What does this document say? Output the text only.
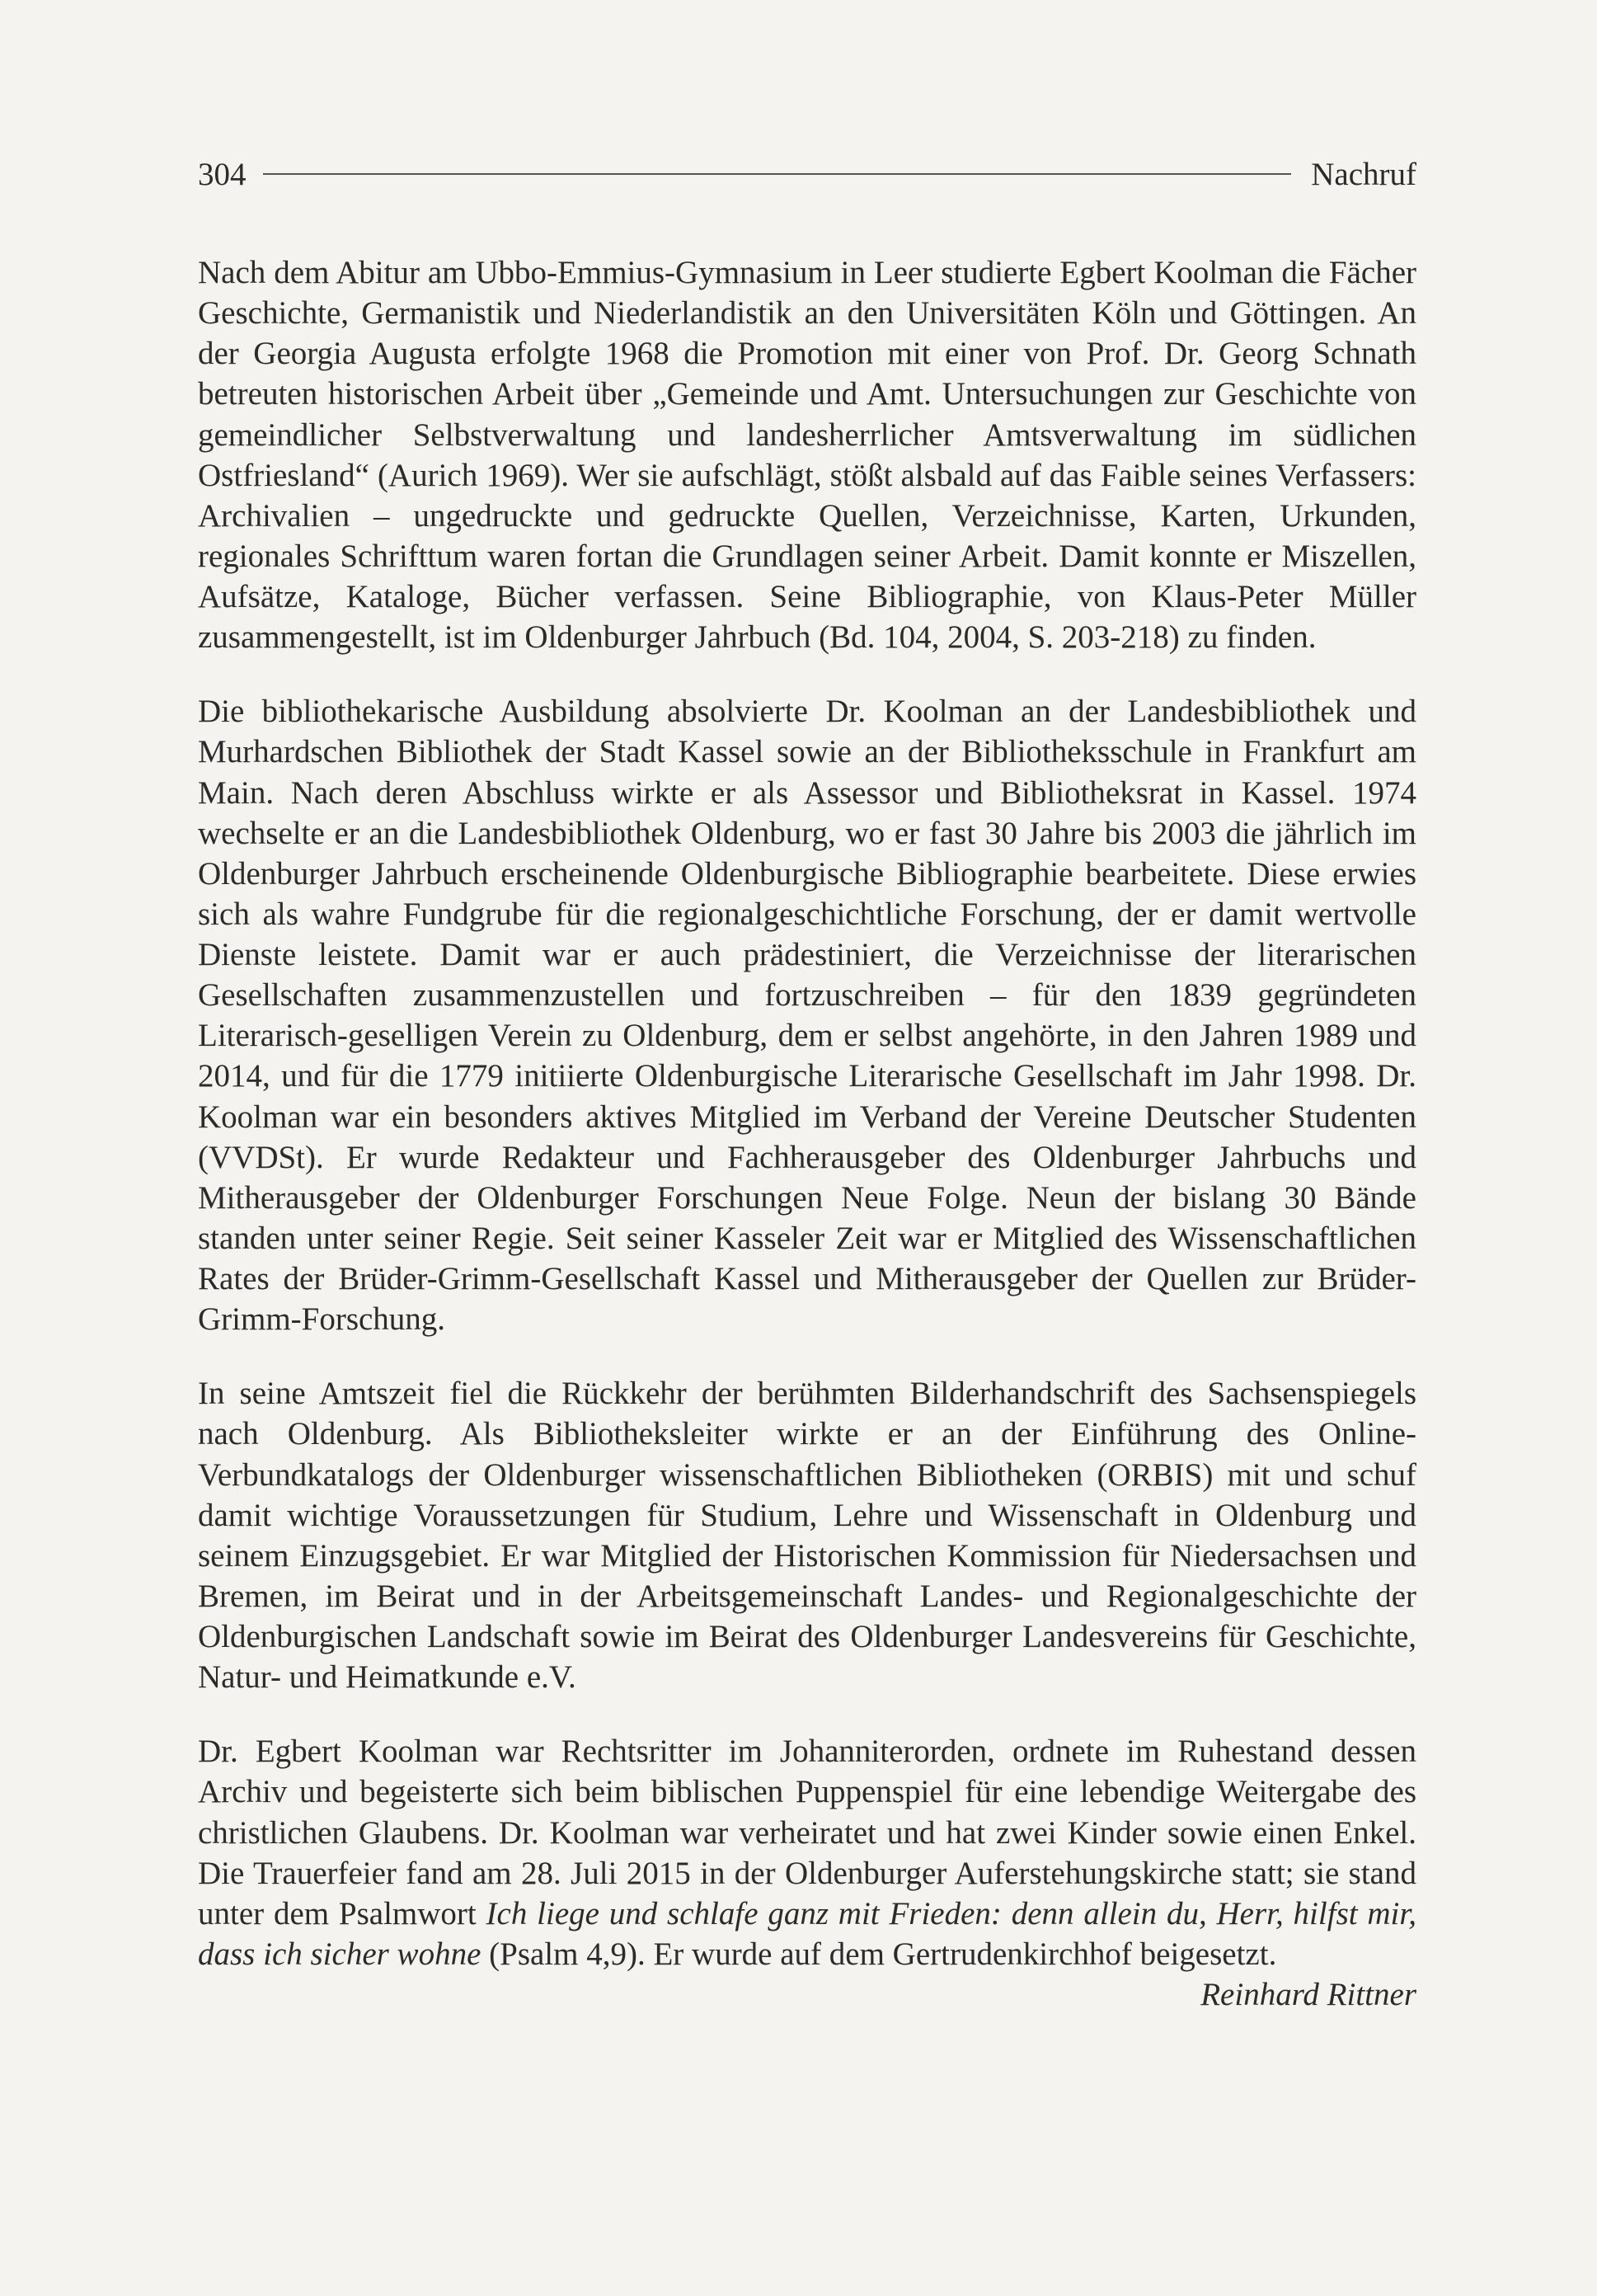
304	Nachruf

Nach dem Abitur am Ubbo-Emmius-Gymnasium in Leer studierte Egbert Koolman die Fächer Geschichte, Germanistik und Niederlandistik an den Universitäten Köln und Göttingen. An der Georgia Augusta erfolgte 1968 die Promotion mit einer von Prof. Dr. Georg Schnath betreuten historischen Arbeit über „Gemeinde und Amt. Untersuchungen zur Geschichte von gemeindlicher Selbstverwaltung und landesherrlicher Amtsverwaltung im südlichen Ostfriesland“ (Aurich 1969). Wer sie aufschlägt, stößt alsbald auf das Faible seines Verfassers: Archivalien – ungedruckte und gedruckte Quellen, Verzeichnisse, Karten, Urkunden, regionales Schrifttum waren fortan die Grundlagen seiner Arbeit. Damit konnte er Miszellen, Aufsätze, Kataloge, Bücher verfassen. Seine Bibliographie, von Klaus-Peter Müller zusammengestellt, ist im Oldenburger Jahrbuch (Bd. 104, 2004, S. 203-218) zu finden.

Die bibliothekarische Ausbildung absolvierte Dr. Koolman an der Landesbibliothek und Murhardschen Bibliothek der Stadt Kassel sowie an der Bibliotheksschule in Frankfurt am Main. Nach deren Abschluss wirkte er als Assessor und Bibliotheksrat in Kassel. 1974 wechselte er an die Landesbibliothek Oldenburg, wo er fast 30 Jahre bis 2003 die jährlich im Oldenburger Jahrbuch erscheinende Oldenburgische Bibliographie bearbeitete. Diese erwies sich als wahre Fundgrube für die regionalgeschichtliche Forschung, der er damit wertvolle Dienste leistete. Damit war er auch prädestiniert, die Verzeichnisse der literarischen Gesellschaften zusammenzustellen und fortzuschreiben – für den 1839 gegründeten Literarisch-geselligen Verein zu Oldenburg, dem er selbst angehörte, in den Jahren 1989 und 2014, und für die 1779 initiierte Oldenburgische Literarische Gesellschaft im Jahr 1998. Dr. Koolman war ein besonders aktives Mitglied im Verband der Vereine Deutscher Studenten (VVDSt). Er wurde Redakteur und Fachherausgeber des Oldenburger Jahrbuchs und Mitherausgeber der Oldenburger Forschungen Neue Folge. Neun der bislang 30 Bände standen unter seiner Regie. Seit seiner Kasseler Zeit war er Mitglied des Wissenschaftlichen Rates der Brüder-Grimm-Gesellschaft Kassel und Mitherausgeber der Quellen zur Brüder-Grimm-Forschung.

In seine Amtszeit fiel die Rückkehr der berühmten Bilderhandschrift des Sachsenspiegels nach Oldenburg. Als Bibliotheksleiter wirkte er an der Einführung des Online-Verbundkatalogs der Oldenburger wissenschaftlichen Bibliotheken (ORBIS) mit und schuf damit wichtige Voraussetzungen für Studium, Lehre und Wissenschaft in Oldenburg und seinem Einzugsgebiet. Er war Mitglied der Historischen Kommission für Niedersachsen und Bremen, im Beirat und in der Arbeitsgemeinschaft Landes- und Regionalgeschichte der Oldenburgischen Landschaft sowie im Beirat des Oldenburger Landesvereins für Geschichte, Natur- und Heimatkunde e.V.

Dr. Egbert Koolman war Rechtsritter im Johanniterorden, ordnete im Ruhestand dessen Archiv und begeisterte sich beim biblischen Puppenspiel für eine lebendige Weitergabe des christlichen Glaubens. Dr. Koolman war verheiratet und hat zwei Kinder sowie einen Enkel. Die Trauerfeier fand am 28. Juli 2015 in der Oldenburger Auferstehungskirche statt; sie stand unter dem Psalmwort Ich liege und schlafe ganz mit Frieden: denn allein du, Herr, hilfst mir, dass ich sicher wohne (Psalm 4,9). Er wurde auf dem Gertrudenkirchhof beigesetzt.

Reinhard Rittner
